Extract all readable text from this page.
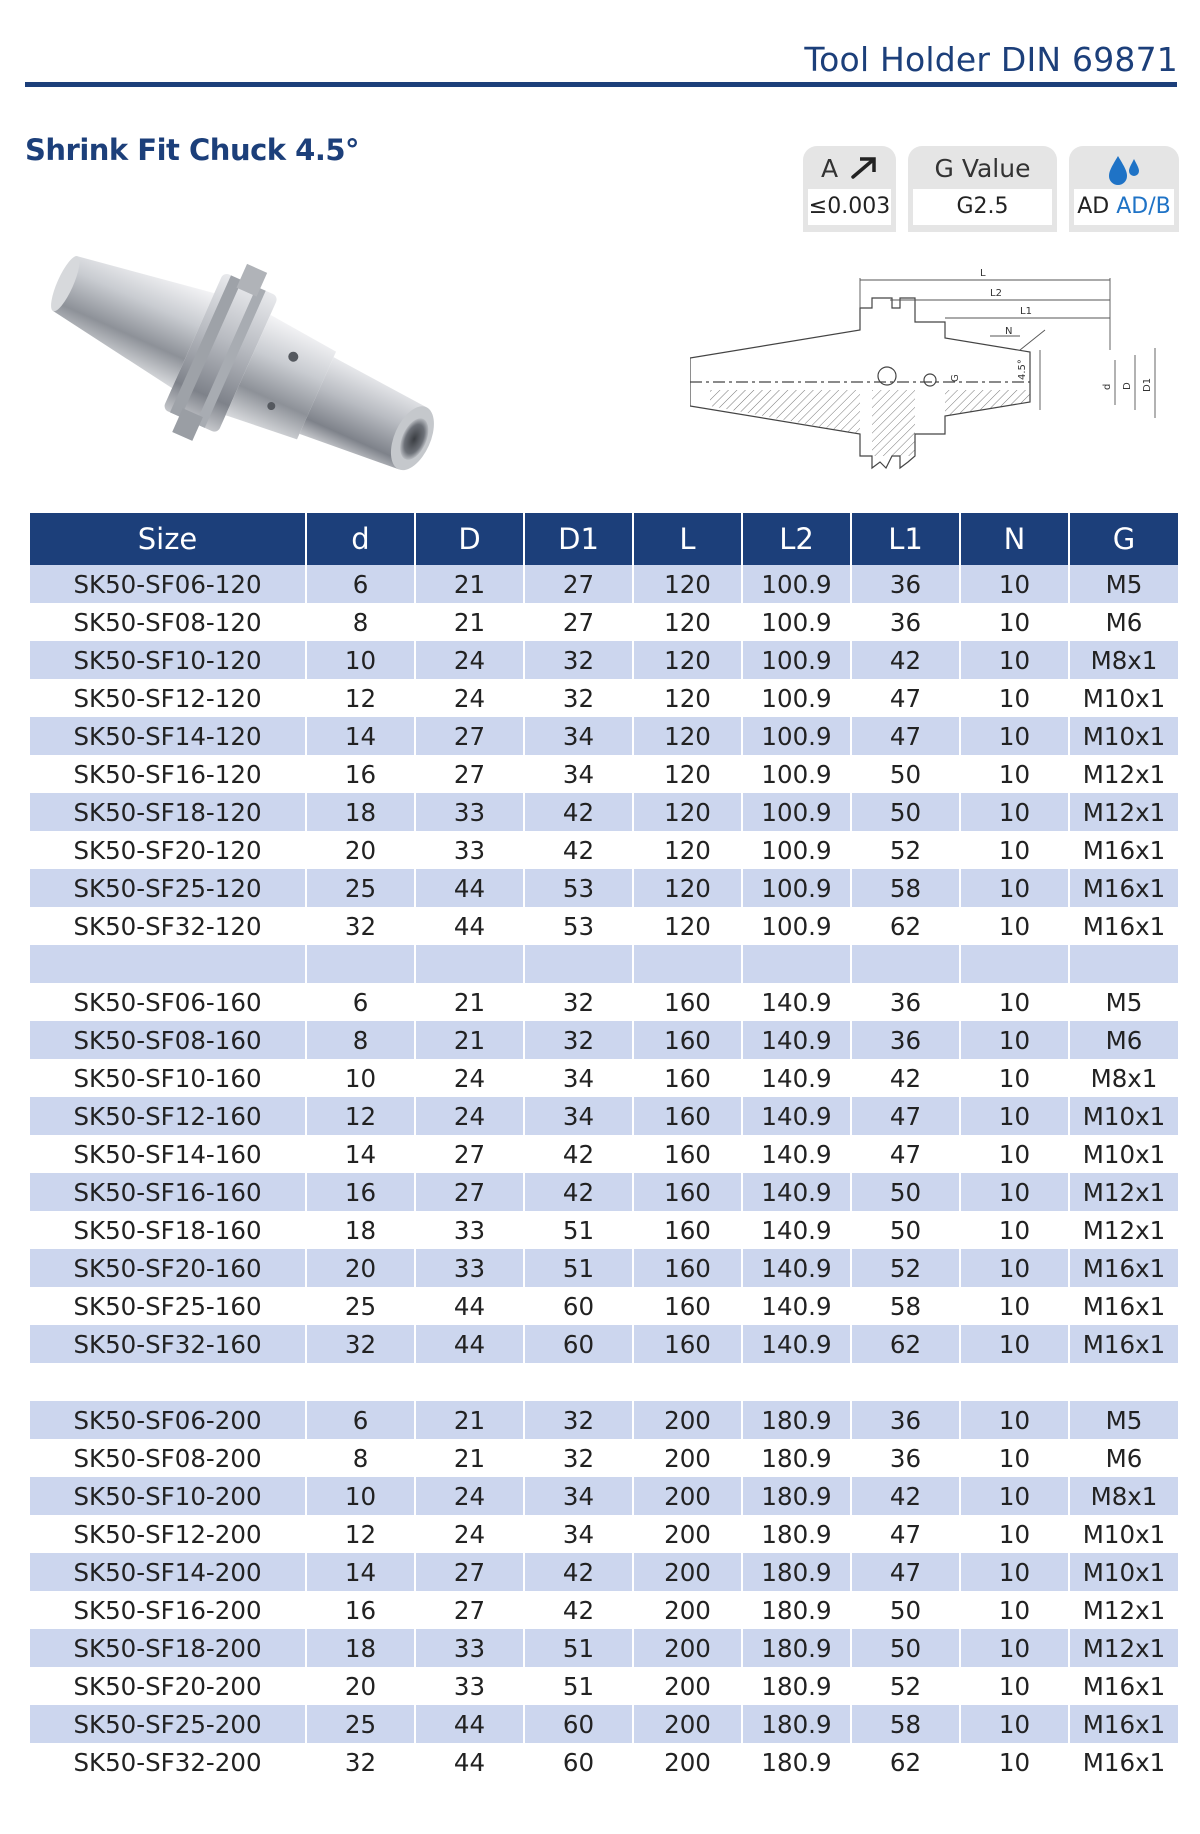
Tool Holder DIN 69871
Shrink Fit Chuck 4.5°
A
≤0.003
G Value
G2.5	AD AD/B
L
L2
L1
N
4.5°
G
d D D1
Size	d	D	D1	L	L2	L1	N	G
SK50-SF06-120	6	21	27	120	100.9	36	10	M5
SK50-SF08-120	8	21	27	120	100.9	36	10	M6
SK50-SF10-120	10	24	32	120	100.9	42	10	M8x1
SK50-SF12-120	12	24	32	120	100.9	47	10	M10x1
SK50-SF14-120	14	27	34	120	100.9	47	10	M10x1
SK50-SF16-120	16	27	34	120	100.9	50	10	M12x1
SK50-SF18-120	18	33	42	120	100.9	50	10	M12x1
SK50-SF20-120	20	33	42	120	100.9	52	10	M16x1
SK50-SF25-120	25	44	53	120	100.9	58	10	M16x1
SK50-SF32-120	32	44	53	120	100.9	62	10	M16x1

SK50-SF06-160	6	21	32	160	140.9	36	10	M5
SK50-SF08-160	8	21	32	160	140.9	36	10	M6
SK50-SF10-160	10	24	34	160	140.9	42	10	M8x1
SK50-SF12-160	12	24	34	160	140.9	47	10	M10x1
SK50-SF14-160	14	27	42	160	140.9	47	10	M10x1
SK50-SF16-160	16	27	42	160	140.9	50	10	M12x1
SK50-SF18-160	18	33	51	160	140.9	50	10	M12x1
SK50-SF20-160	20	33	51	160	140.9	52	10	M16x1
SK50-SF25-160	25	44	60	160	140.9	58	10	M16x1
SK50-SF32-160	32	44	60	160	140.9	62	10	M16x1

SK50-SF06-200	6	21	32	200	180.9	36	10	M5
SK50-SF08-200	8	21	32	200	180.9	36	10	M6
SK50-SF10-200	10	24	34	200	180.9	42	10	M8x1
SK50-SF12-200	12	24	34	200	180.9	47	10	M10x1
SK50-SF14-200	14	27	42	200	180.9	47	10	M10x1
SK50-SF16-200	16	27	42	200	180.9	50	10	M12x1
SK50-SF18-200	18	33	51	200	180.9	50	10	M12x1
SK50-SF20-200	20	33	51	200	180.9	52	10	M16x1
SK50-SF25-200	25	44	60	200	180.9	58	10	M16x1
SK50-SF32-200	32	44	60	200	180.9	62	10	M16x1
